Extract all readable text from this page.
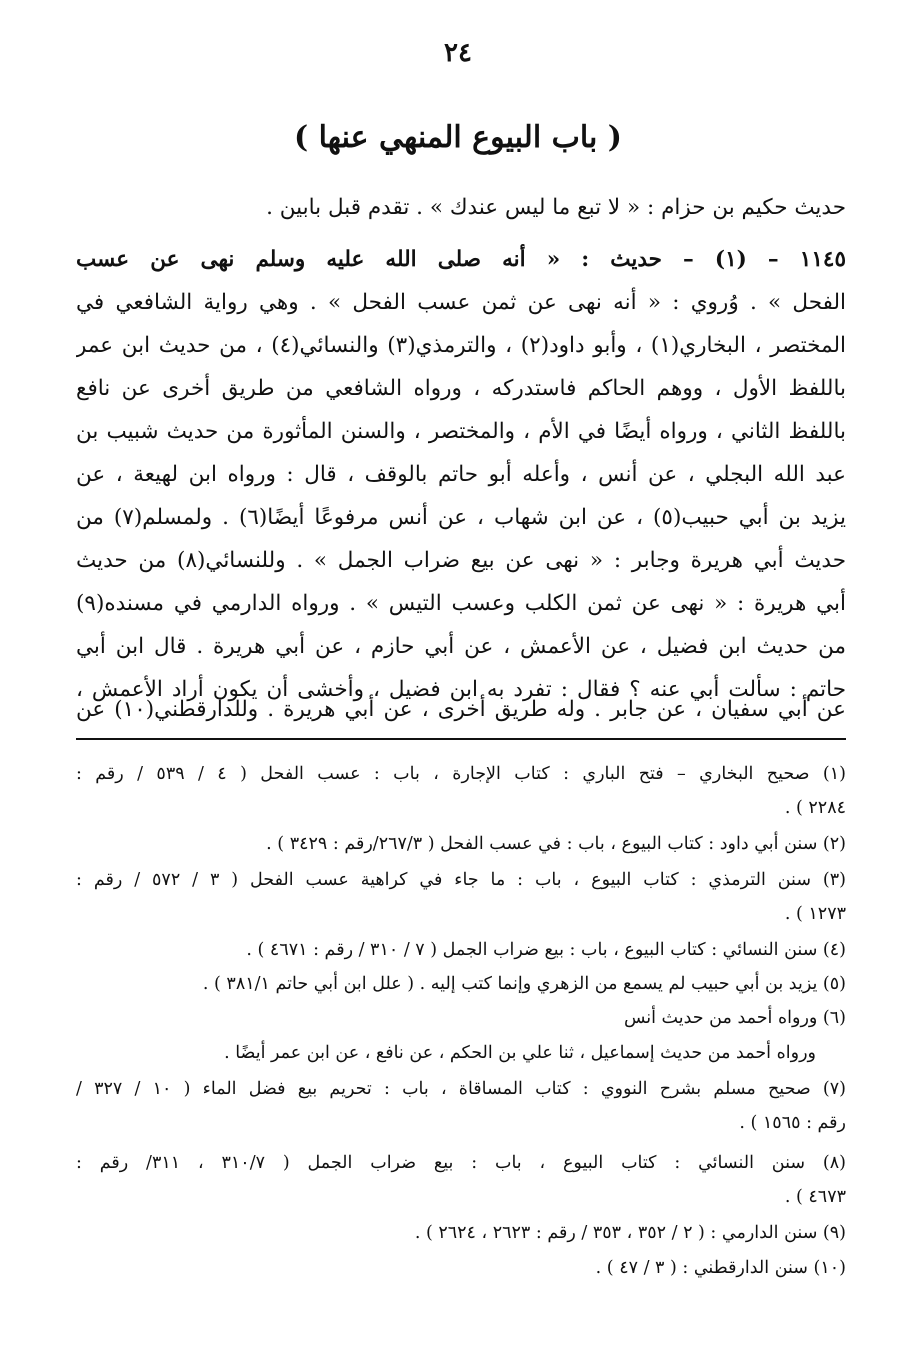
٢٤
( باب البيوع المنهي عنها )
حديث حكيم بن حزام : « لا تبع ما ليس عندك » . تقدم قبل بابين .
١١٤٥ – (١) – حديث : « أنه صلى الله عليه وسلم نهى عن عسب
الفحل » . وُروي : « أنه نهى عن ثمن عسب الفحل » . وهي رواية الشافعي في
المختصر ، البخاري(١) ، وأبو داود(٢) ، والترمذي(٣) والنسائي(٤) ، من حديث ابن عمر
باللفظ الأول ، ووهم الحاكم فاستدركه ، ورواه الشافعي من طريق أخرى عن نافع
باللفظ الثاني ، ورواه أيضًا في الأم ، والمختصر ، والسنن المأثورة من حديث شبيب بن
عبد الله البجلي ، عن أنس ، وأعله أبو حاتم بالوقف ، قال : ورواه ابن لهيعة ، عن
يزيد بن أبي حبيب(٥) ، عن ابن شهاب ، عن أنس مرفوعًا أيضًا(٦) . ولمسلم(٧) من
حديث أبي هريرة وجابر : « نهى عن بيع ضراب الجمل » . وللنسائي(٨) من حديث
أبي هريرة : « نهى عن ثمن الكلب وعسب التيس » . ورواه الدارمي في مسنده(٩)
من حديث ابن فضيل ، عن الأعمش ، عن أبي حازم ، عن أبي هريرة . قال ابن أبي
حاتم : سألت أبي عنه ؟ فقال : تفرد به ابن فضيل ، وأخشى أن يكون أراد الأعمش ،
عن أبي سفيان ، عن جابر . وله طريق أخرى ، عن أبي هريرة . وللدارقطني(١٠) عن
(١) صحيح البخاري – فتح الباري : كتاب الإجارة ، باب : عسب الفحل ( ٤ / ٥٣٩ / رقم :
٢٢٨٤ ) .
(٢) سنن أبي داود : كتاب البيوع ، باب : في عسب الفحل ( ٢٦٧/٣/رقم : ٣٤٢٩ ) .
(٣) سنن الترمذي : كتاب البيوع ، باب : ما جاء في كراهية عسب الفحل ( ٣ / ٥٧٢ / رقم :
١٢٧٣ ) .
(٤) سنن النسائي : كتاب البيوع ، باب : بيع ضراب الجمل ( ٧ / ٣١٠ / رقم : ٤٦٧١ ) .
(٥) يزيد بن أبي حبيب لم يسمع من الزهري وإنما كتب إليه . ( علل ابن أبي حاتم ٣٨١/١ ) .
(٦) ورواه أحمد من حديث أنس
ورواه أحمد من حديث إسماعيل ، ثنا علي بن الحكم ، عن نافع ، عن ابن عمر أيضًا .
(٧) صحيح مسلم بشرح النووي : كتاب المساقاة ، باب : تحريم بيع فضل الماء ( ١٠ / ٣٢٧ /
رقم : ١٥٦٥ ) .
(٨) سنن النسائي : كتاب البيوع ، باب : بيع ضراب الجمل ( ٣١٠/٧ ، ٣١١/ رقم :
٤٦٧٣ ) .
(٩) سنن الدارمي : ( ٢ / ٣٥٢ ، ٣٥٣ / رقم : ٢٦٢٣ ، ٢٦٢٤ ) .
(١٠) سنن الدارقطني : ( ٣ / ٤٧ ) .
